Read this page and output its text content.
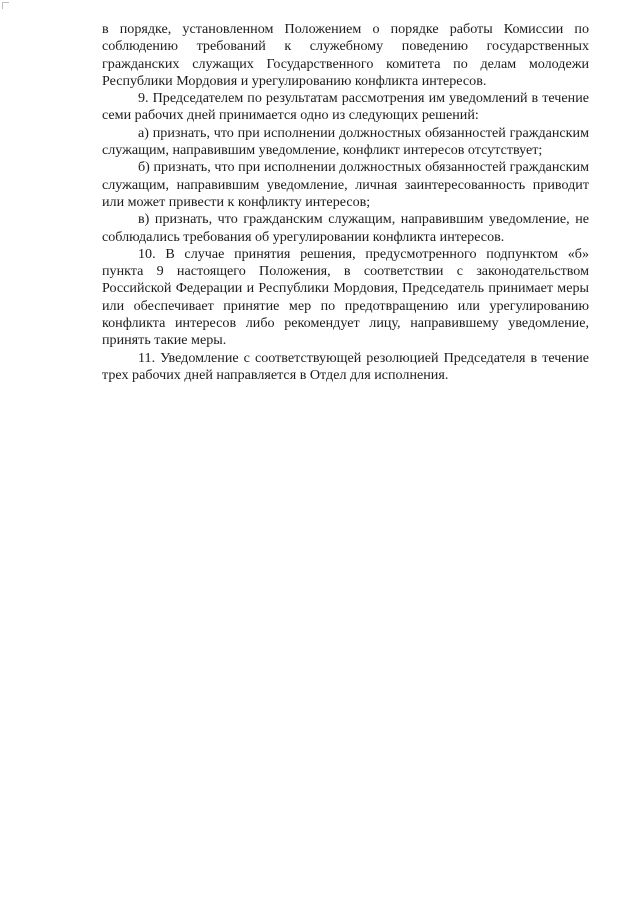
в порядке, установленном Положением о порядке работы Комиссии по соблюдению требований к служебному поведению государственных гражданских служащих Государственного комитета по делам молодежи Республики Мордовия и урегулированию конфликта интересов.

9. Председателем по результатам рассмотрения им уведомлений в течение семи рабочих дней принимается одно из следующих решений:

а) признать, что при исполнении должностных обязанностей гражданским служащим, направившим уведомление, конфликт интересов отсутствует;

б) признать, что при исполнении должностных обязанностей гражданским служащим, направившим уведомление, личная заинтересованность приводит или может привести к конфликту интересов;

в) признать, что гражданским служащим, направившим уведомление, не соблюдались требования об урегулировании конфликта интересов.

10. В случае принятия решения, предусмотренного подпунктом «б» пункта 9 настоящего Положения, в соответствии с законодательством Российской Федерации и Республики Мордовия, Председатель принимает меры или обеспечивает принятие мер по предотвращению или урегулированию конфликта интересов либо рекомендует лицу, направившему уведомление, принять такие меры.

11. Уведомление с соответствующей резолюцией Председателя в течение трех рабочих дней направляется в Отдел для исполнения.
